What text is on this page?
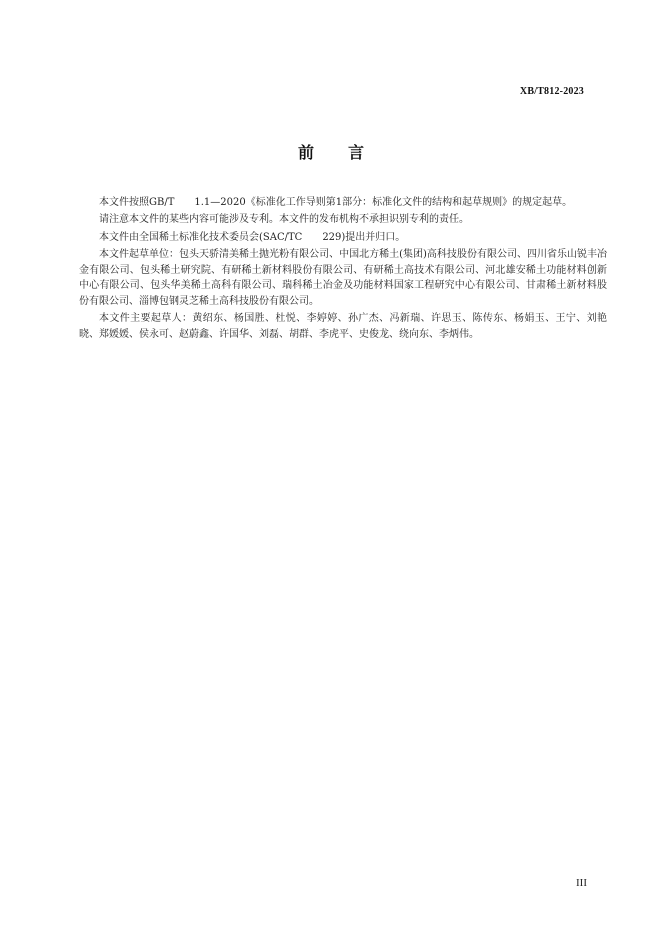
XB/T812-2023
前 言

本文件按照GB/T　　1.1—2020《标准化工作导则第1部分：标准化文件的结构和起草规则》的规定起草。

请注意本文件的某些内容可能涉及专利。本文件的发布机构不承担识别专利的责任。

本文件由全国稀土标准化技术委员会(SAC/TC　　229)提出并归口。

本文件起草单位：包头天骄清美稀土抛光粉有限公司、中国北方稀土(集团)高科技股份有限公司、四川省乐山锐丰冶金有限公司、包头稀土研究院、有研稀土新材料股份有限公司、有研稀土高技术有限公司、河北雄安稀土功能材料创新中心有限公司、包头华美稀土高科有限公司、瑞科稀土冶金及功能材料国家工程研究中心有限公司、甘肃稀土新材料股份有限公司、淄博包钢灵芝稀土高科技股份有限公司。

本文件主要起草人：黄绍东、杨国胜、杜悦、李婷婷、孙广杰、冯新瑞、许思玉、陈传东、杨娟玉、王宁、刘艳晓、郑媛媛、侯永可、赵蔚鑫、许国华、刘磊、胡群、李虎平、史俊龙、绕向东、李炳伟。

III
